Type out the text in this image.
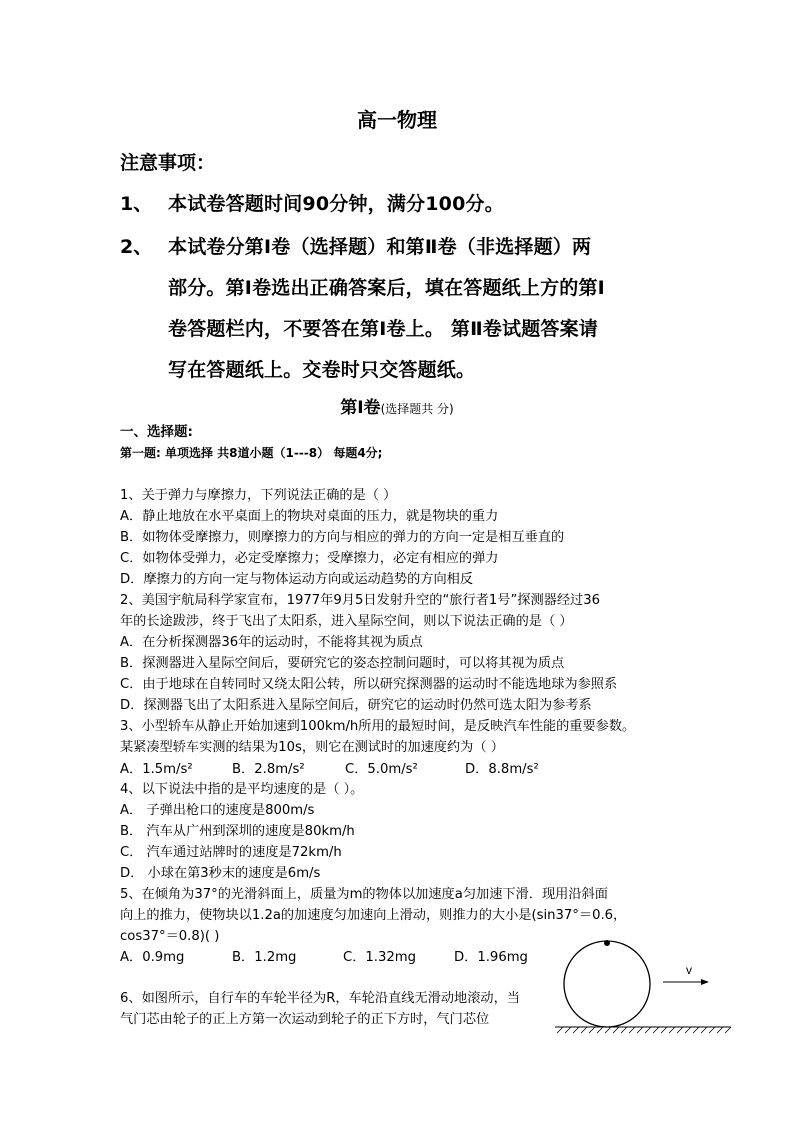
高一物理
注意事项：
1、 本试卷答题时间90分钟，满分100分。
2、 本试卷分第Ⅰ卷（选择题）和第Ⅱ卷（非选择题）两
部分。第Ⅰ卷选出正确答案后，填在答题纸上方的第Ⅰ
卷答题栏内，不要答在第Ⅰ卷上。 第Ⅱ卷试题答案请
写在答题纸上。交卷时只交答题纸。
第Ⅰ卷(选择题共 分)
一、选择题:
第一题: 单项选择 共8道小题（1---8） 每题4分;
1、关于弹力与摩擦力，下列说法正确的是（ ）
A．静止地放在水平桌面上的物块对桌面的压力，就是物块的重力
B．如物体受摩擦力，则摩擦力的方向与相应的弹力的方向一定是相互垂直的
C．如物体受弹力，必定受摩擦力；受摩擦力，必定有相应的弹力
D．摩擦力的方向一定与物体运动方向或运动趋势的方向相反
2、美国宇航局科学家宣布，1977年9月5日发射升空的“旅行者1号”探测器经过36
年的长途跋涉，终于飞出了太阳系，进入星际空间，则以下说法正确的是（ ）
A．在分析探测器36年的运动时，不能将其视为质点
B．探测器进入星际空间后，要研究它的姿态控制问题时，可以将其视为质点
C．由于地球在自转同时又绕太阳公转，所以研究探测器的运动时不能选地球为参照系
D．探测器飞出了太阳系进入星际空间后，研究它的运动时仍然可选太阳为参考系
3、小型轿车从静止开始加速到100km/h所用的最短时间，是反映汽车性能的重要参数。
某紧凑型轿车实测的结果为10s，则它在测试时的加速度约为（ ）
A．1.5m/s²	B．2.8m/s²	C．5.0m/s²	D．8.8m/s²
4、以下说法中指的是平均速度的是（ ）。
A． 子弹出枪口的速度是800m/s
B． 汽车从广州到深圳的速度是80km/h
C． 汽车通过站牌时的速度是72km/h
D． 小球在第3秒末的速度是6m/s
5、在倾角为37°的光滑斜面上，质量为m的物体以加速度a匀加速下滑．现用沿斜面
向上的推力，使物块以1.2a的加速度匀加速向上滑动，则推力的大小是(sin37°＝0.6，
cos37°＝0.8)( )
A．0.9mg	B．1.2mg	C．1.32mg	D．1.96mg
6、如图所示，自行车的车轮半径为R，车轮沿直线无滑动地滚动，当
气门芯由轮子的正上方第一次运动到轮子的正下方时，气门芯位
v
